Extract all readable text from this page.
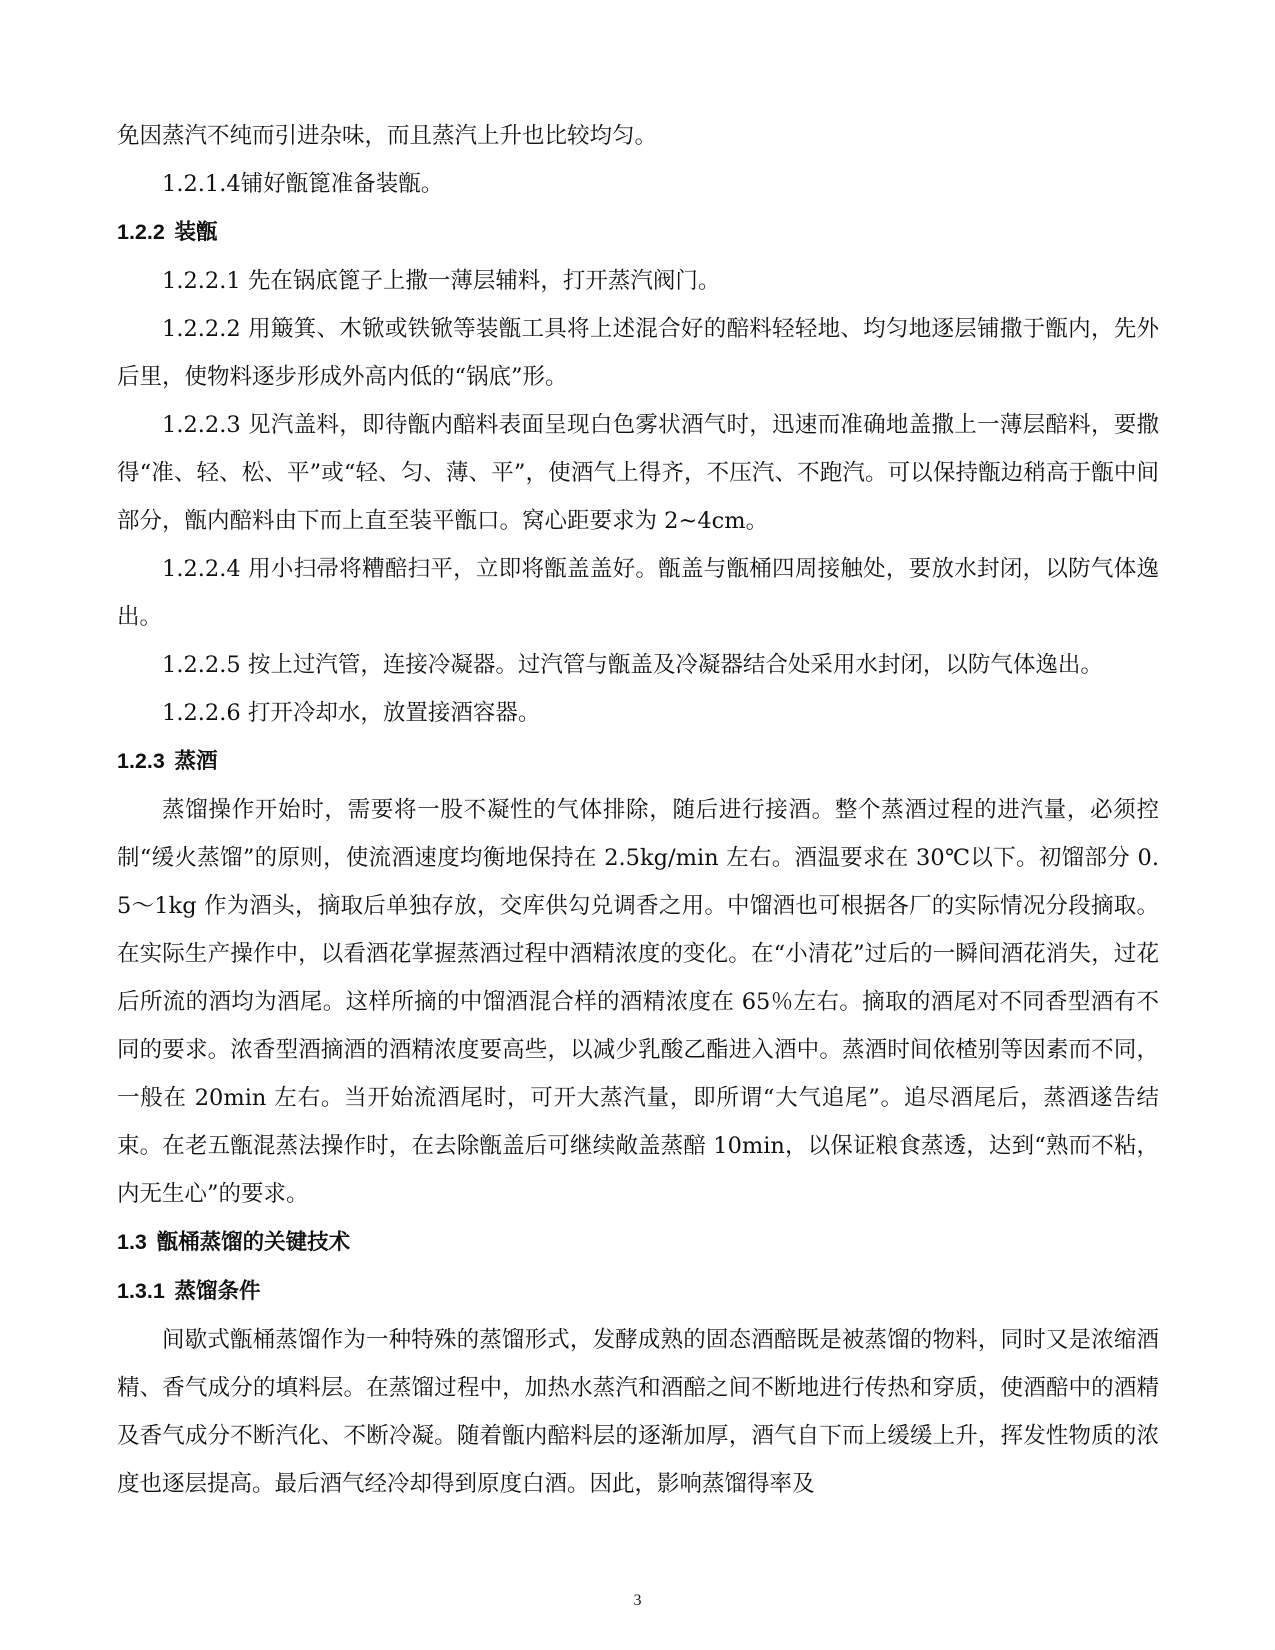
免因蒸汽不纯而引进杂味，而且蒸汽上升也比较均匀。

1.2.1.4铺好甑篦准备装甑。

1.2.2 装甑

1.2.2.1 先在锅底篦子上撒一薄层辅料，打开蒸汽阀门。

1.2.2.2 用簸箕、木锨或铁锨等装甑工具将上述混合好的醅料轻轻地、均匀地逐层铺撒于甑内，先外后里，使物料逐步形成外高内低的“锅底”形。

1.2.2.3 见汽盖料，即待甑内醅料表面呈现白色雾状酒气时，迅速而准确地盖撒上一薄层醅料，要撒得“准、轻、松、平”或“轻、匀、薄、平”，使酒气上得齐，不压汽、不跑汽。可以保持甑边稍高于甑中间部分，甑内醅料由下而上直至装平甑口。窝心距要求为 2~4cm。

1.2.2.4 用小扫帚将糟醅扫平，立即将甑盖盖好。甑盖与甑桶四周接触处，要放水封闭，以防气体逸出。

1.2.2.5 按上过汽管，连接冷凝器。过汽管与甑盖及冷凝器结合处采用水封闭，以防气体逸出。

1.2.2.6 打开冷却水，放置接酒容器。

1.2.3 蒸酒

蒸馏操作开始时，需要将一股不凝性的气体排除，随后进行接酒。整个蒸酒过程的进汽量，必须控制“缓火蒸馏”的原则，使流酒速度均衡地保持在 2.5kg/min 左右。酒温要求在 30℃以下。初馏部分 0.5～1kg 作为酒头，摘取后单独存放，交库供勾兑调香之用。中馏酒也可根据各厂的实际情况分段摘取。在实际生产操作中，以看酒花掌握蒸酒过程中酒精浓度的变化。在“小清花”过后的一瞬间酒花消失，过花后所流的酒均为酒尾。这样所摘的中馏酒混合样的酒精浓度在 65％左右。摘取的酒尾对不同香型酒有不同的要求。浓香型酒摘酒的酒精浓度要高些，以减少乳酸乙酯进入酒中。蒸酒时间依楂别等因素而不同，一般在 20min 左右。当开始流酒尾时，可开大蒸汽量，即所谓“大气追尾”。追尽酒尾后，蒸酒遂告结束。在老五甑混蒸法操作时，在去除甑盖后可继续敞盖蒸醅 10min，以保证粮食蒸透，达到“熟而不粘，内无生心”的要求。

1.3 甑桶蒸馏的关键技术
1.3.1 蒸馏条件

间歇式甑桶蒸馏作为一种特殊的蒸馏形式，发酵成熟的固态酒醅既是被蒸馏的物料，同时又是浓缩酒精、香气成分的填料层。在蒸馏过程中，加热水蒸汽和酒醅之间不断地进行传热和穿质，使酒醅中的酒精及香气成分不断汽化、不断冷凝。随着甑内醅料层的逐渐加厚，酒气自下而上缓缓上升，挥发性物质的浓度也逐层提高。最后酒气经冷却得到原度白酒。因此，影响蒸馏得率及

3
